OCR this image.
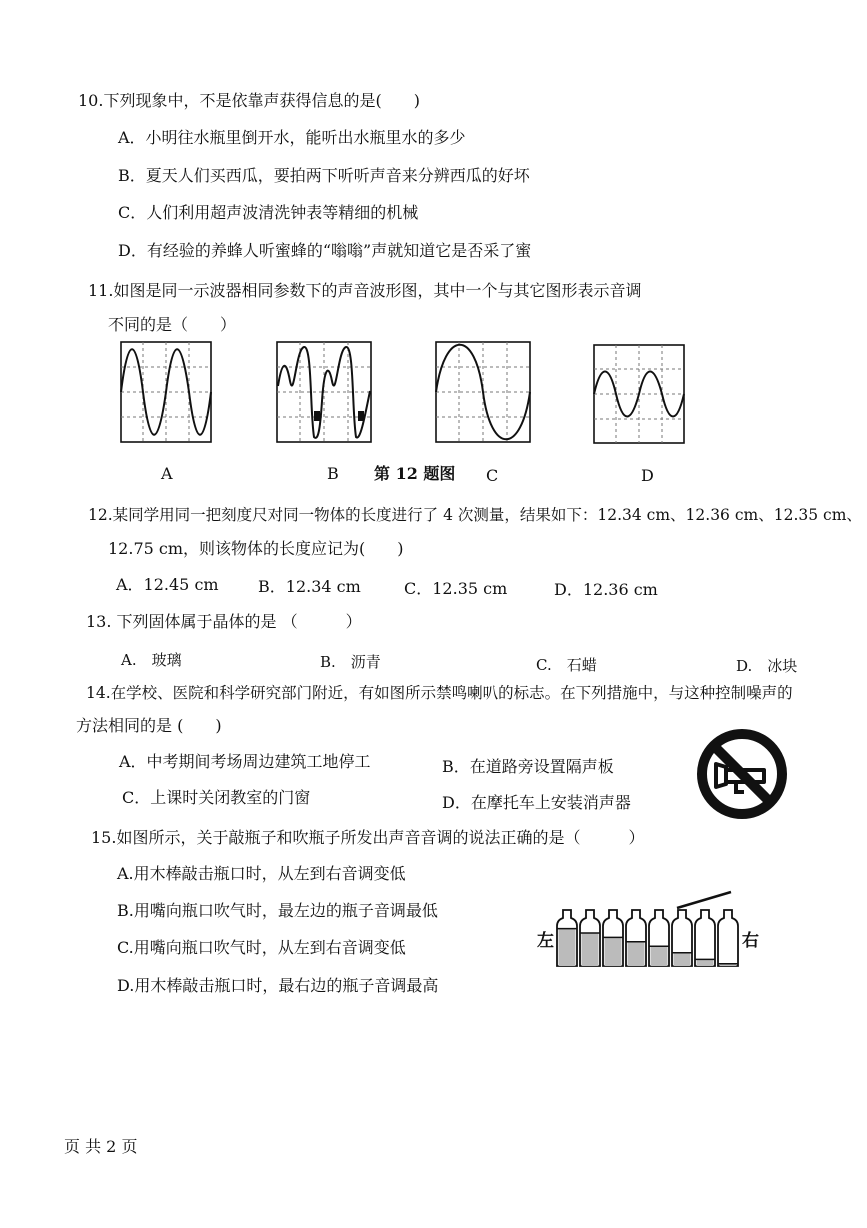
10.下列现象中，不是依靠声获得信息的是(　　)
A．小明往水瓶里倒开水，能听出水瓶里水的多少
B．夏天人们买西瓜，要拍两下听听声音来分辨西瓜的好坏
C．人们利用超声波清洗钟表等精细的机械
D．有经验的养蜂人听蜜蜂的“嗡嗡”声就知道它是否采了蜜
11.如图是同一示波器相同参数下的声音波形图，其中一个与其它图形表示音调
不同的是（　　）
A	B 第 12 题图 C	D
12.某同学用同一把刻度尺对同一物体的长度进行了 4 次测量，结果如下：12.34 cm、12.36 cm、12.35 cm、
12.75 cm，则该物体的长度应记为(　　)
A．12.45 cm B．12.34 cm	C．12.35 cm	D．12.36 cm
13. 下列固体属于晶体的是 （　　　）
A.　玻璃	B.　沥青	C.　石蜡	D.　冰块
14.在学校、医院和科学研究部门附近，有如图所示禁鸣喇叭的标志。在下列措施中，与这种控制噪声的
方法相同的是 (　　)
A．中考期间考场周边建筑工地停工	B．在道路旁设置隔声板
C．上课时关闭教室的门窗	D．在摩托车上安装消声器
15.如图所示，关于敲瓶子和吹瓶子所发出声音音调的说法正确的是（　　　）
A.用木棒敲击瓶口时，从左到右音调变低
B.用嘴向瓶口吹气时，最左边的瓶子音调最低
C.用嘴向瓶口吹气时，从左到右音调变低
D.用木棒敲击瓶口时，最右边的瓶子音调最高
左	右
页 共 2 页
